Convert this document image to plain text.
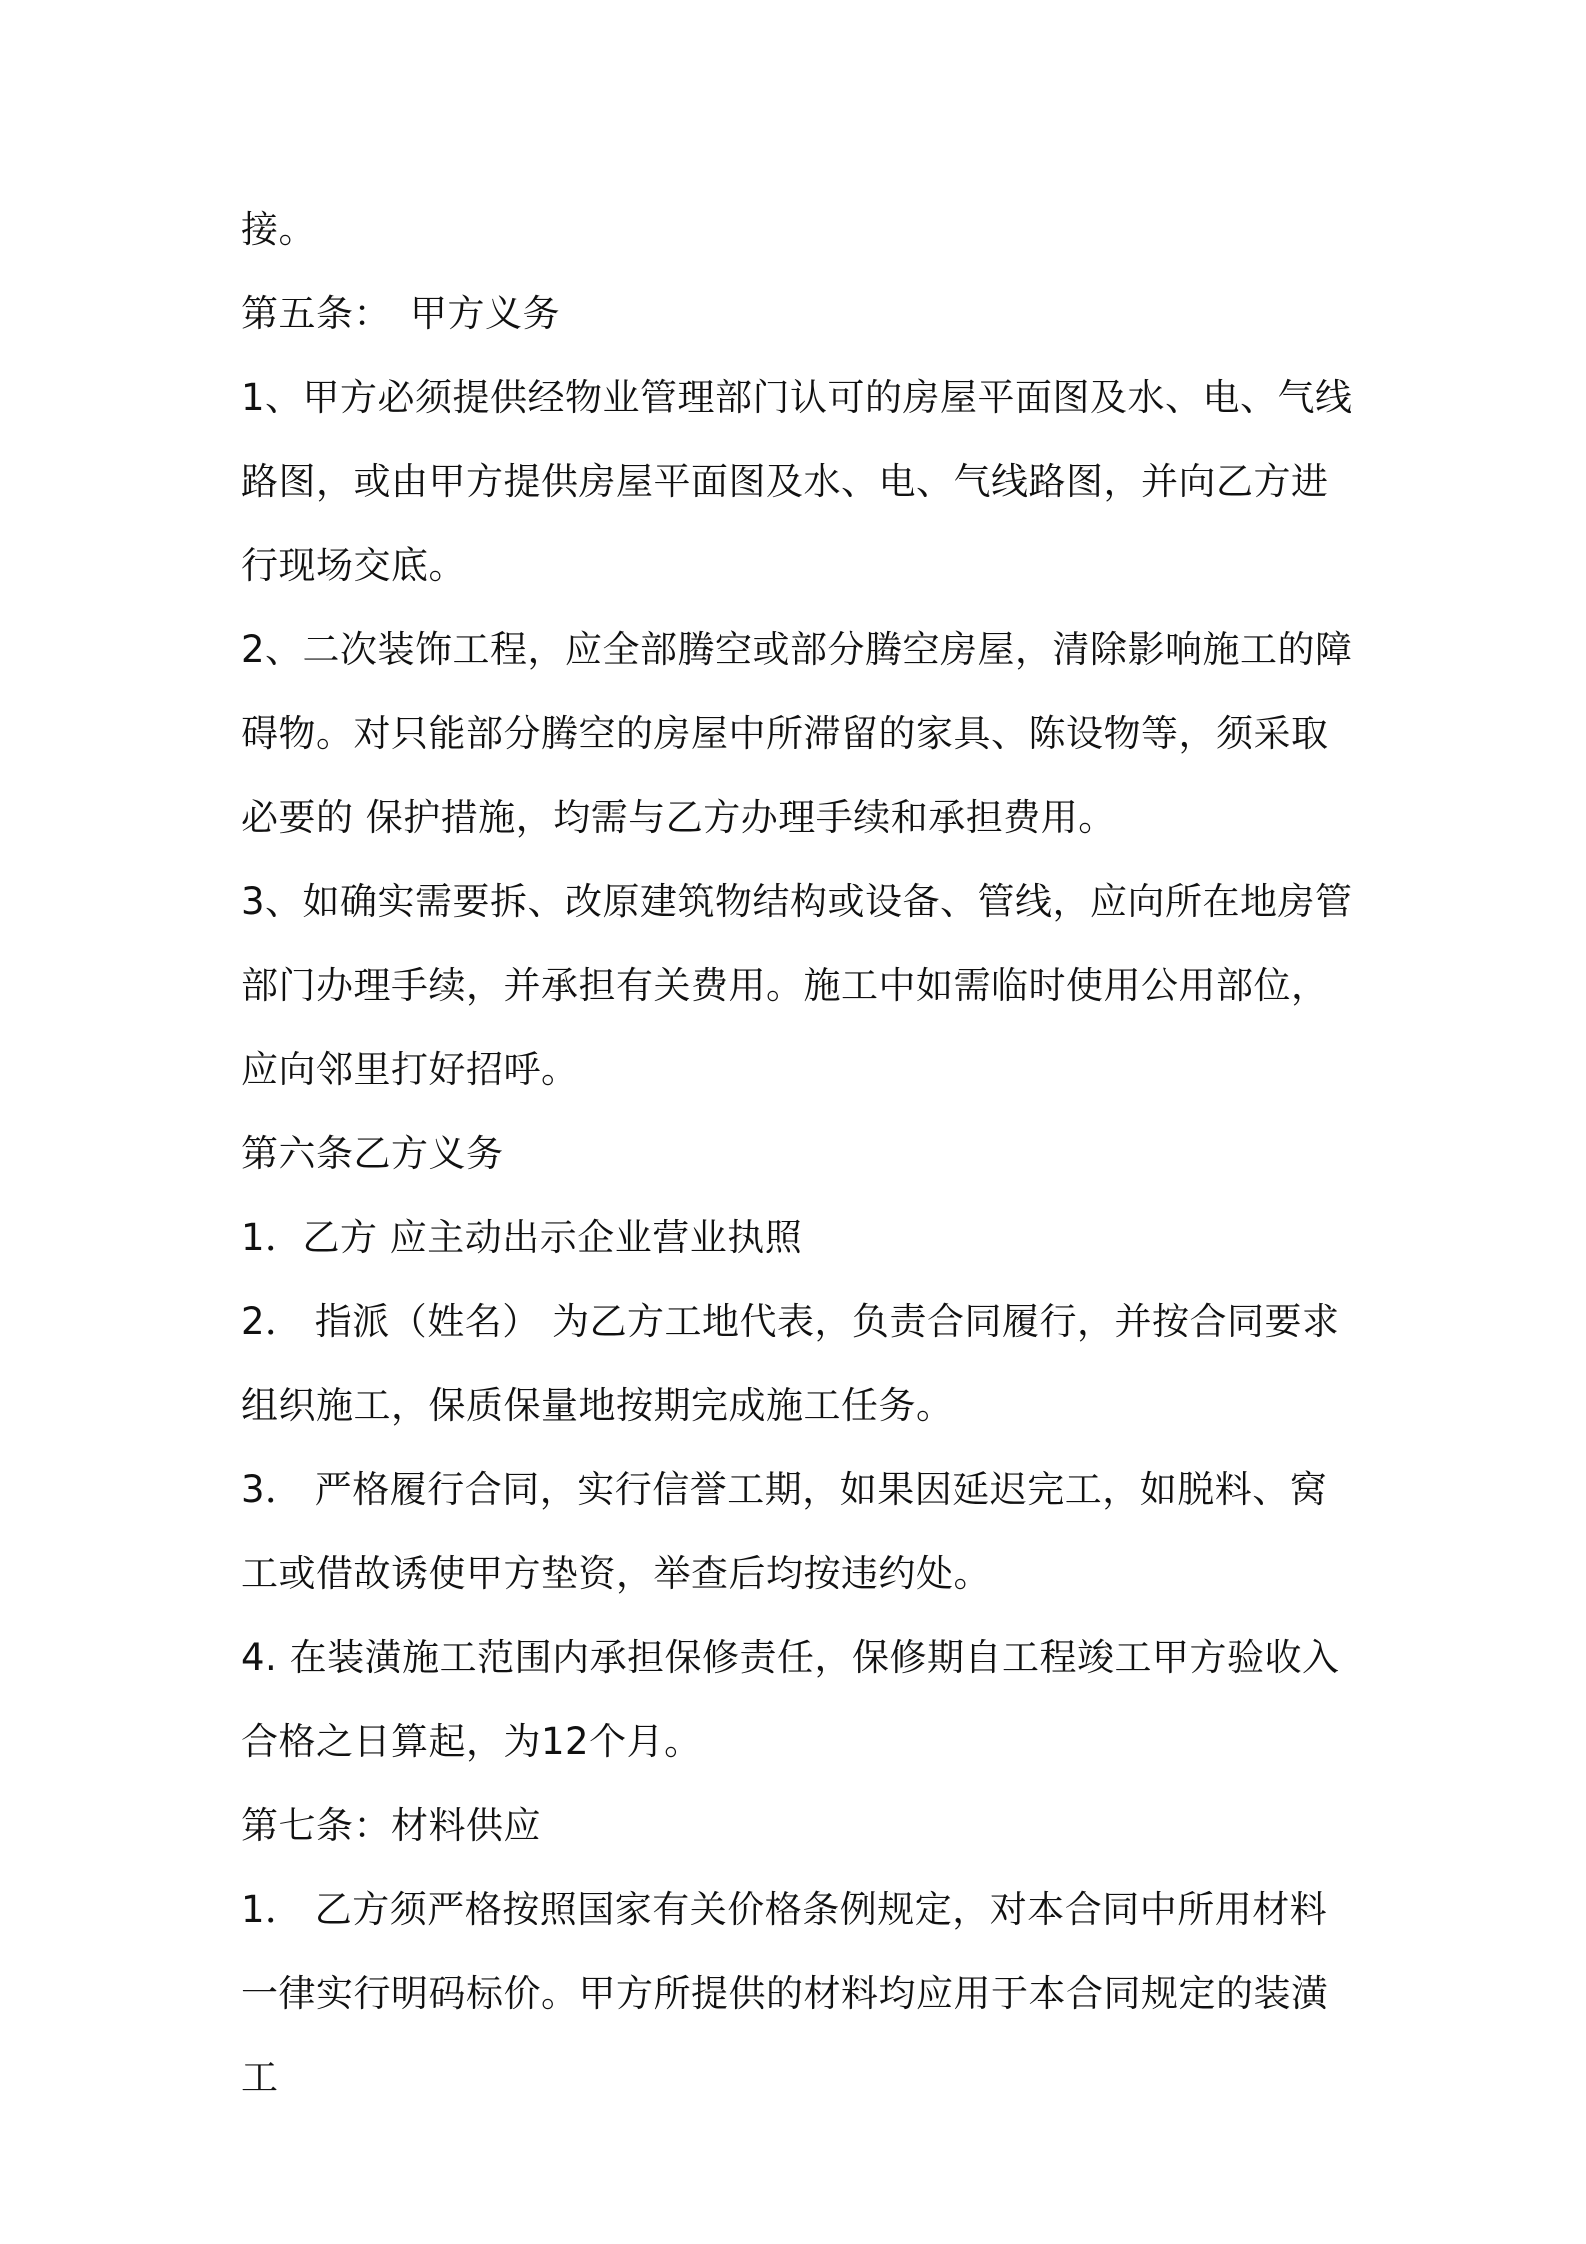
接。

第五条：　甲方义务

1、甲方必须提供经物业管理部门认可的房屋平面图及水、电、气线路图，或由甲方提供房屋平面图及水、电、气线路图，并向乙方进行现场交底。

2、二次装饰工程，应全部腾空或部分腾空房屋，清除影响施工的障碍物。对只能部分腾空的房屋中所滞留的家具、陈设物等，须采取必要的 保护措施，均需与乙方办理手续和承担费用。

3、如确实需要拆、改原建筑物结构或设备、管线，应向所在地房管部门办理手续，并承担有关费用。施工中如需临时使用公用部位，应向邻里打好招呼。

第六条乙方义务

1．乙方 应主动出示企业营业执照

2． 指派（姓名） 为乙方工地代表，负责合同履行，并按合同要求组织施工，保质保量地按期完成施工任务。

3． 严格履行合同，实行信誉工期，如果因延迟完工，如脱料、窝工或借故诱使甲方垫资，举查后均按违约处。

4. 在装潢施工范围内承担保修责任，保修期自工程竣工甲方验收入合格之日算起，为12个月。

第七条：材料供应

1． 乙方须严格按照国家有关价格条例规定，对本合同中所用材料一律实行明码标价。甲方所提供的材料均应用于本合同规定的装潢工
